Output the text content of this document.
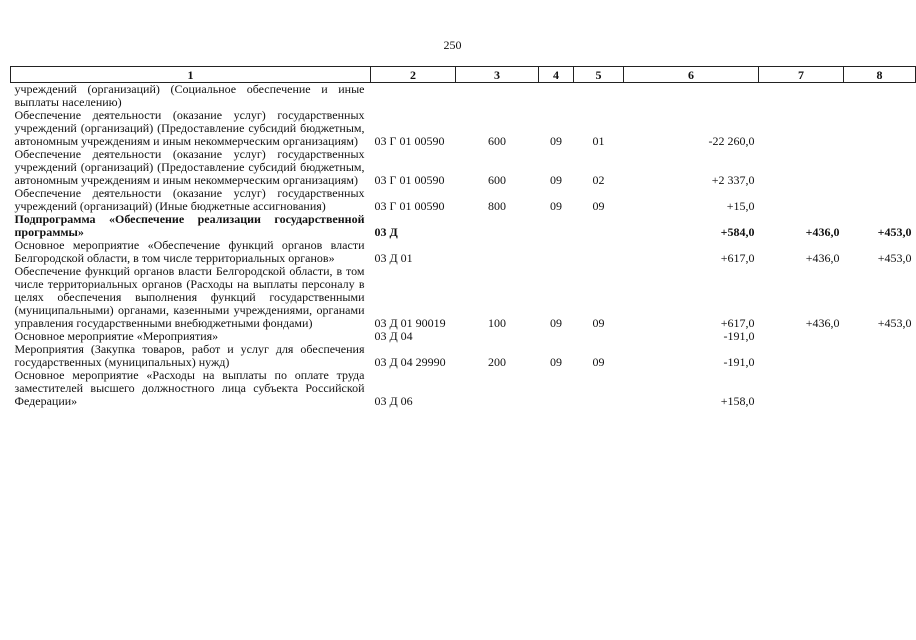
250
1	2	3	4	5	6	7	8
учреждений (организаций) (Социальное обеспечение и иные выплаты населению)							
Обеспечение деятельности (оказание услуг) государственных учреждений (организаций) (Предоставление субсидий бюджетным, автономным учреждениям и иным некоммерческим организациям)	03 Г 01 00590	600	09	01	-22 260,0		
Обеспечение деятельности (оказание услуг) государственных учреждений (организаций) (Предоставление субсидий бюджетным, автономным учреждениям и иным некоммерческим организациям)	03 Г 01 00590	600	09	02	+2 337,0		
Обеспечение деятельности (оказание услуг) государственных учреждений (организаций) (Иные бюджетные ассигнования)	03 Г 01 00590	800	09	09	+15,0		
Подпрограмма «Обеспечение реализации государственной программы»	03 Д				+584,0	+436,0	+453,0
Основное мероприятие «Обеспечение функций органов власти Белгородской области, в том числе территориальных органов»	03 Д 01				+617,0	+436,0	+453,0
Обеспечение функций органов власти Белгородской области, в том числе территориальных органов (Расходы на выплаты персоналу в целях обеспечения выполнения функций государственными (муниципальными) органами, казенными учреждениями, органами управления государственными внебюджетными фондами)	03 Д 01 90019	100	09	09	+617,0	+436,0	+453,0
Основное мероприятие «Мероприятия»	03 Д 04				-191,0		
Мероприятия (Закупка товаров, работ и услуг для обеспечения государственных (муниципальных) нужд)	03 Д 04 29990	200	09	09	-191,0		
Основное мероприятие «Расходы на выплаты по оплате труда заместителей высшего должностного лица субъекта Российской Федерации»	03 Д 06				+158,0		
